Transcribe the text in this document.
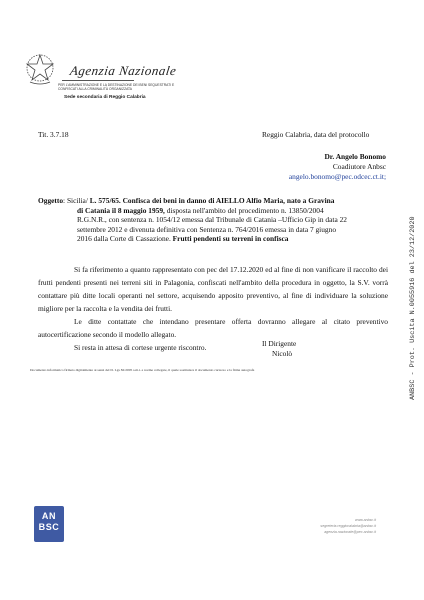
Agenzia Nazionale
PER L'AMMINISTRAZIONE E LA DESTINAZIONE DEI BENI SEQUESTRATI E
CONFISCATI ALLA CRIMINALITÀ ORGANIZZATA
Sede secondaria di Reggio Calabria
Tit. 3.7.18	Reggio Calabria, data del protocollo
Dr. Angelo Bonomo
Coadiutore Anbsc
angelo.bonomo@pec.odcec.ct.it;
Oggetto: Sicilia/ L. 575/65. Confisca dei beni in danno di AIELLO Alfio Maria, nato a Gravina
di Catania il 8 maggio 1959, disposta nell'ambito del procedimento n. 13850/2004
R.G.N.R., con sentenza n. 1054/12 emessa dal Tribunale di Catania –Ufficio Gip in data 22
settembre 2012 e divenuta definitiva con Sentenza n. 764/2016 emessa in data 7 giugno
2016 dalla Corte di Cassazione. Frutti pendenti su terreni in confisca

Si fa riferimento a quanto rappresentato con pec del 17.12.2020 ed al fine di non vanificare il raccolto dei frutti pendenti presenti nei terreni siti in Palagonia, confiscati nell'ambito della procedura in oggetto, la S.V. vorrà contattare più ditte locali operanti nel settore, acquisendo apposito preventivo, al fine di individuare la soluzione migliore per la raccolta e la vendita dei frutti.

Le ditte contattate che intendano presentare offerta dovranno allegare al citato preventivo autocertificazione secondo il modello allegato.

Si resta in attesa di cortese urgente riscontro.	Il Dirigente
Nicolò
Documento informatico firmato digitalmente ai sensi del D. Lgs 82/2005 s.m.i. e norme collegate, il quale sostituisce il documento cartaceo e la firma autografa	ANBSC - Prot. Uscita N.0055916 del 23/12/2020
AN
BSC
www.anbsc.it
segreteria.reggiocalabria@anbsc.it
agenzia.nazionale@pec.anbsc.it
